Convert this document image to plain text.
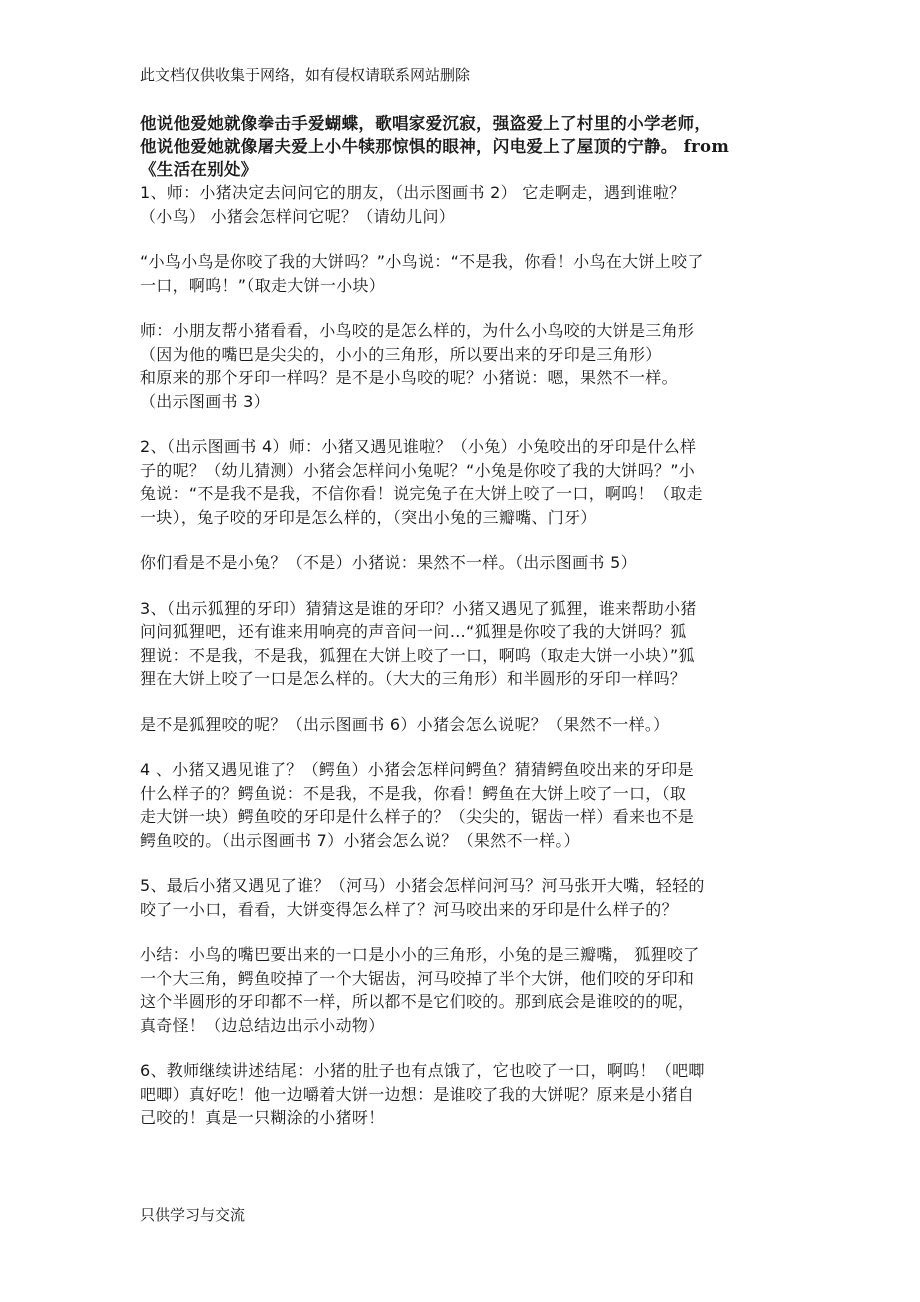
此文档仅供收集于网络，如有侵权请联系网站删除
他说他爱她就像拳击手爱蝴蝶，歌唱家爱沉寂，强盗爱上了村里的小学老师，
他说他爱她就像屠夫爱上小牛犊那惊惧的眼神，闪电爱上了屋顶的宁静。 from
《生活在别处》
1、师：小猪决定去问问它的朋友，（出示图画书 2） 它走啊走，遇到谁啦？
（小鸟） 小猪会怎样问它呢？（请幼儿问）
“小鸟小鸟是你咬了我的大饼吗？”小鸟说：“不是我，你看！小鸟在大饼上咬了
一口，啊呜！”（取走大饼一小块）
师：小朋友帮小猪看看，小鸟咬的是怎么样的，为什么小鸟咬的大饼是三角形
（因为他的嘴巴是尖尖的，小小的三角形，所以要出来的牙印是三角形）
和原来的那个牙印一样吗？是不是小鸟咬的呢？小猪说：嗯，果然不一样。
（出示图画书 3）
2、（出示图画书 4）师：小猪又遇见谁啦？（小兔）小兔咬出的牙印是什么样
子的呢？（幼儿猜测）小猪会怎样问小兔呢？“小兔是你咬了我的大饼吗？”小
兔说：“不是我不是我，不信你看！说完兔子在大饼上咬了一口，啊呜！（取走
一块），兔子咬的牙印是怎么样的，（突出小兔的三瓣嘴、门牙）
你们看是不是小兔？（不是）小猪说：果然不一样。（出示图画书 5）
3、（出示狐狸的牙印）猜猜这是谁的牙印？小猪又遇见了狐狸，谁来帮助小猪
问问狐狸吧，还有谁来用响亮的声音问一问…“狐狸是你咬了我的大饼吗？狐
狸说：不是我，不是我，狐狸在大饼上咬了一口，啊呜（取走大饼一小块）”狐
狸在大饼上咬了一口是怎么样的。（大大的三角形）和半圆形的牙印一样吗？
是不是狐狸咬的呢？（出示图画书 6）小猪会怎么说呢？（果然不一样。）
4 、小猪又遇见谁了？（鳄鱼）小猪会怎样问鳄鱼？猜猜鳄鱼咬出来的牙印是
什么样子的？鳄鱼说：不是我，不是我，你看！鳄鱼在大饼上咬了一口，（取
走大饼一块）鳄鱼咬的牙印是什么样子的？（尖尖的，锯齿一样）看来也不是
鳄鱼咬的。（出示图画书 7）小猪会怎么说？（果然不一样。）
5、最后小猪又遇见了谁？（河马）小猪会怎样问河马？河马张开大嘴，轻轻的
咬了一小口，看看，大饼变得怎么样了？河马咬出来的牙印是什么样子的？
小结：小鸟的嘴巴要出来的一口是小小的三角形，小兔的是三瓣嘴， 狐狸咬了
一个大三角，鳄鱼咬掉了一个大锯齿，河马咬掉了半个大饼，他们咬的牙印和
这个半圆形的牙印都不一样，所以都不是它们咬的。那到底会是谁咬的的呢，
真奇怪！（边总结边出示小动物）
6、教师继续讲述结尾：小猪的肚子也有点饿了，它也咬了一口，啊呜！（吧唧
吧唧）真好吃！他一边嚼着大饼一边想：是谁咬了我的大饼呢？原来是小猪自
己咬的！真是一只糊涂的小猪呀！
只供学习与交流
